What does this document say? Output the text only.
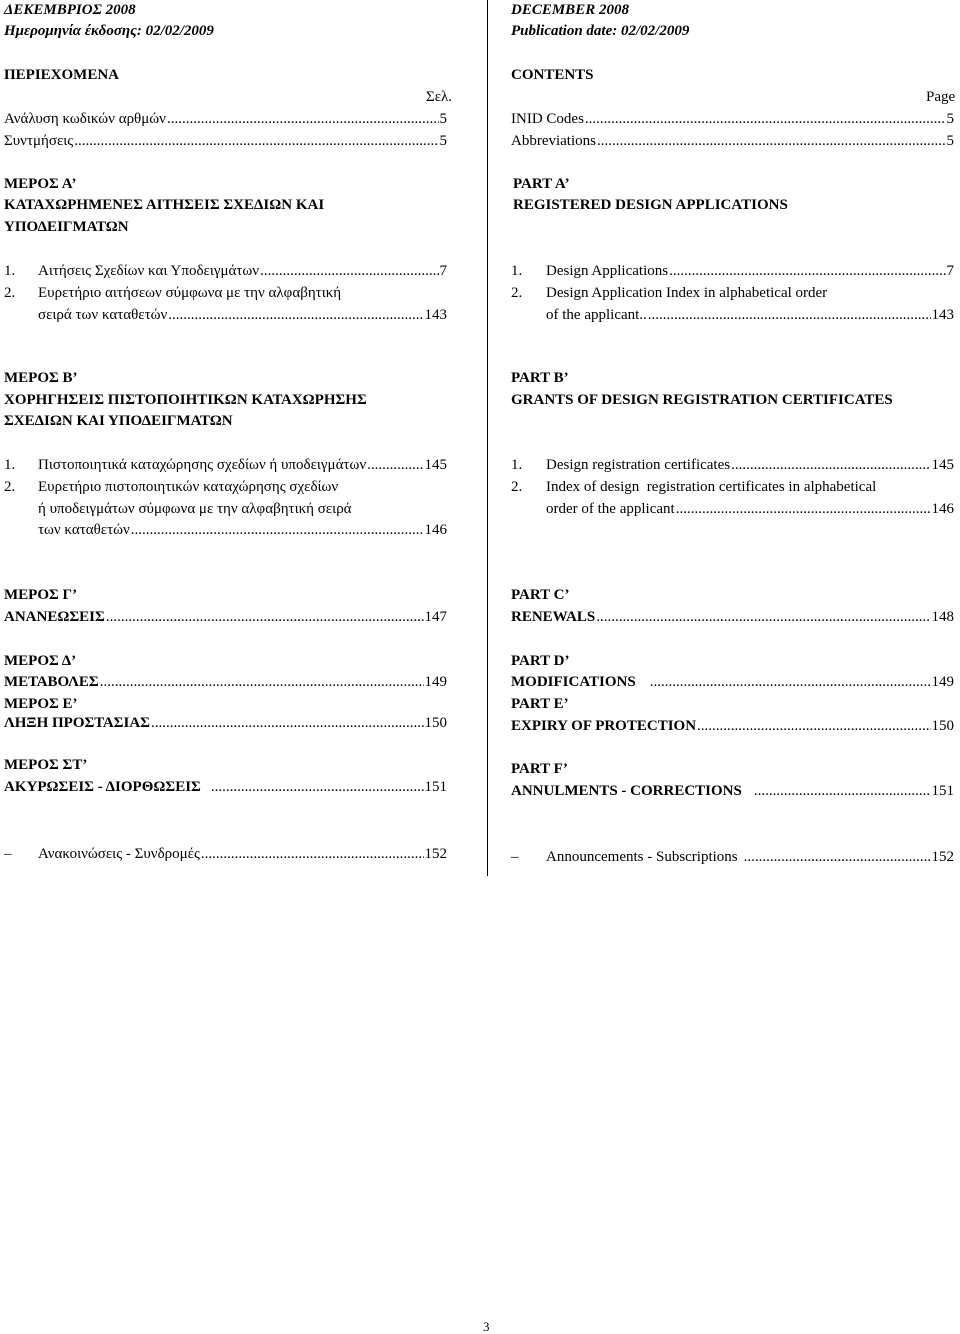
ΔΕΚΕΜΒΡΙΟΣ 2008
Ημερομηνία έκδοσης: 02/02/2009
DECEMBER 2008
Publication date: 02/02/2009
ΠΕΡΙΕΧΟΜΕΝΑ
Σελ.
Ανάλυση κωδικών αρθμών .....	5
Συντμήσεις .....	5
ΜΕΡΟΣ Α’
ΚΑΤΑΧΩΡΗΜΕΝΕΣ ΑΙΤΗΣΕΙΣ ΣΧΕΔΙΩΝ ΚΑΙ
ΥΠΟΔΕΙΓΜΑΤΩΝ
1. Αιτήσεις Σχεδίων και Υποδειγμάτων .....	7
2. Ευρετήριο αιτήσεων σύμφωνα με την αλφαβητική
σειρά των καταθετών .....	143
ΜΕΡΟΣ Β’
ΧΟΡΗΓΗΣΕΙΣ ΠΙΣΤΟΠΟΙΗΤΙΚΩΝ ΚΑΤΑΧΩΡΗΣΗΣ
ΣΧΕΔΙΩΝ ΚΑΙ ΥΠΟΔΕΙΓΜΑΤΩΝ
1. Πιστοποιητικά καταχώρησης σχεδίων ή υποδειγμάτων .....	145
2. Ευρετήριο πιστοποιητικών καταχώρησης σχεδίων
ή υποδειγμάτων σύμφωνα με την αλφαβητική σειρά
των καταθετών .....	146
ΜΕΡΟΣ Γ’
ΑΝΑΝΕΩΣΕΙΣ .....	147
ΜΕΡΟΣ Δ’
ΜΕΤΑΒΟΛΕΣ .....	149
ΜΕΡΟΣ Ε’
ΛΗΞΗ ΠΡΟΣΤΑΣΙΑΣ .....	150
ΜΕΡΟΣ ΣΤ’
ΑΚΥΡΩΣΕΙΣ - ΔΙΟΡΘΩΣΕΙΣ .....	151
– Ανακοινώσεις - Συνδρομές .....	152
CONTENTS
Page
INID Codes .....	5
Abbreviations .....	5
PART A’
REGISTERED DESIGN APPLICATIONS
1. Design Applications .....	7
2. Design Application Index in alphabetical order
of the applicant.. .....	143
PART B’
GRANTS OF DESIGN REGISTRATION CERTIFICATES
1. Design registration certificates .....	145
2. Index of design  registration certificates in alphabetical
order of the applicant .....	146
PART C’
RENEWALS .....	148
PART D’
MODIFICATIONS .....	149
PART E’
EXPIRY OF PROTECTION .....	150
PART F’
ANNULMENTS - CORRECTIONS .....	151
– Announcements - Subscriptions .....	152
3
